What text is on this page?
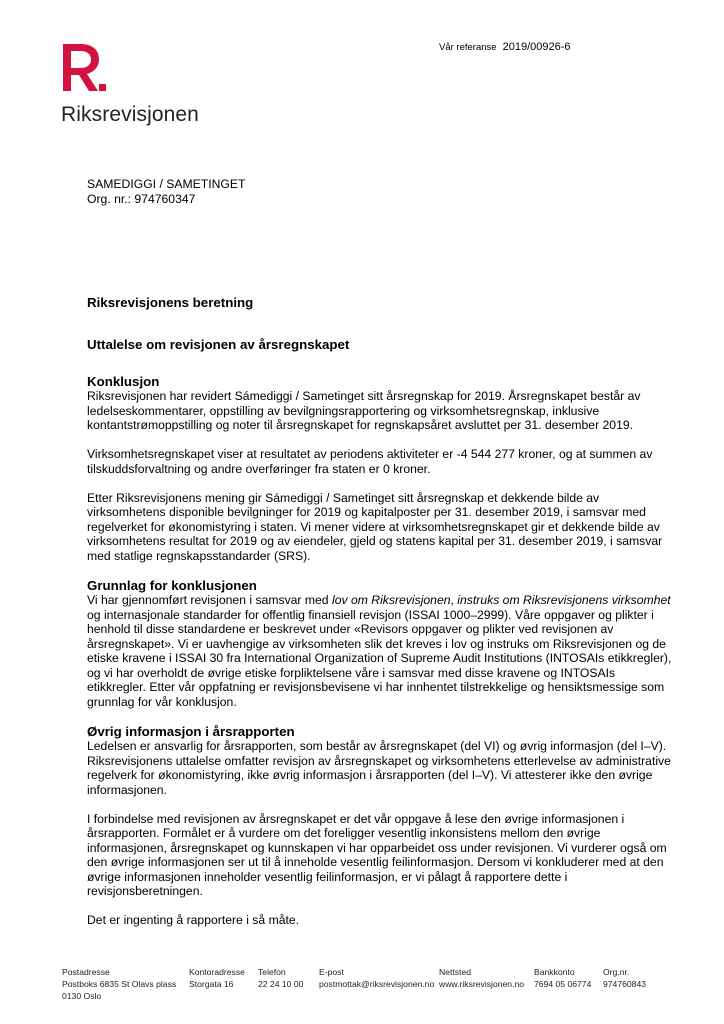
Riksrevisjonen
Vår referanse 2019/00926-6
SAMEDIGGI / SAMETINGET
Org. nr.: 974760347
Riksrevisjonens beretning
Uttalelse om revisjonen av årsregnskapet
Konklusjon

Riksrevisjonen har revidert Sámediggi / Sametinget sitt årsregnskap for 2019. Årsregnskapet består av ledelseskommentarer, oppstilling av bevilgningsrapportering og virksomhetsregnskap, inklusive kontantstrømoppstilling og noter til årsregnskapet for regnskapsåret avsluttet per 31. desember 2019.

Virksomhetsregnskapet viser at resultatet av periodens aktiviteter er -4 544 277 kroner, og at summen av tilskuddsforvaltning og andre overføringer fra staten er 0 kroner.

Etter Riksrevisjonens mening gir Sámediggi / Sametinget sitt årsregnskap et dekkende bilde av virksomhetens disponible bevilgninger for 2019 og kapitalposter per 31. desember 2019, i samsvar med regelverket for økonomistyring i staten. Vi mener videre at virksomhetsregnskapet gir et dekkende bilde av virksomhetens resultat for 2019 og av eiendeler, gjeld og statens kapital per 31. desember 2019, i samsvar med statlige regnskapsstandarder (SRS).

Grunnlag for konklusjonen

Vi har gjennomført revisjonen i samsvar med lov om Riksrevisjonen, instruks om Riksrevisjonens virksomhet og internasjonale standarder for offentlig finansiell revisjon (ISSAI 1000–2999). Våre oppgaver og plikter i henhold til disse standardene er beskrevet under «Revisors oppgaver og plikter ved revisjonen av årsregnskapet». Vi er uavhengige av virksomheten slik det kreves i lov og instruks om Riksrevisjonen og de etiske kravene i ISSAI 30 fra International Organization of Supreme Audit Institutions (INTOSAIs etikkregler), og vi har overholdt de øvrige etiske forpliktelsene våre i samsvar med disse kravene og INTOSAIs etikkregler. Etter vår oppfatning er revisjonsbevisene vi har innhentet tilstrekkelige og hensiktsmessige som grunnlag for vår konklusjon.

Øvrig informasjon i årsrapporten

Ledelsen er ansvarlig for årsrapporten, som består av årsregnskapet (del VI) og øvrig informasjon (del I–V). Riksrevisjonens uttalelse omfatter revisjon av årsregnskapet og virksomhetens etterlevelse av administrative regelverk for økonomistyring, ikke øvrig informasjon i årsrapporten (del I–V). Vi attesterer ikke den øvrige informasjonen.

I forbindelse med revisjonen av årsregnskapet er det vår oppgave å lese den øvrige informasjonen i årsrapporten. Formålet er å vurdere om det foreligger vesentlig inkonsistens mellom den øvrige informasjonen, årsregnskapet og kunnskapen vi har opparbeidet oss under revisjonen. Vi vurderer også om den øvrige informasjonen ser ut til å inneholde vesentlig feilinformasjon. Dersom vi konkluderer med at den øvrige informasjonen inneholder vesentlig feilinformasjon, er vi pålagt å rapportere dette i revisjonsberetningen.

Det er ingenting å rapportere i så måte.

Postadresse
Postboks 6835 St Olavs plass
0130 Oslo
Kontoradresse
Storgata 16
Telefon
22 24 10 00
E-post
postmottak@riksrevisjonen.no
Nettsted
www.riksrevisjonen.no
Bankkonto
7694 05 06774
Org.nr.
974760843
